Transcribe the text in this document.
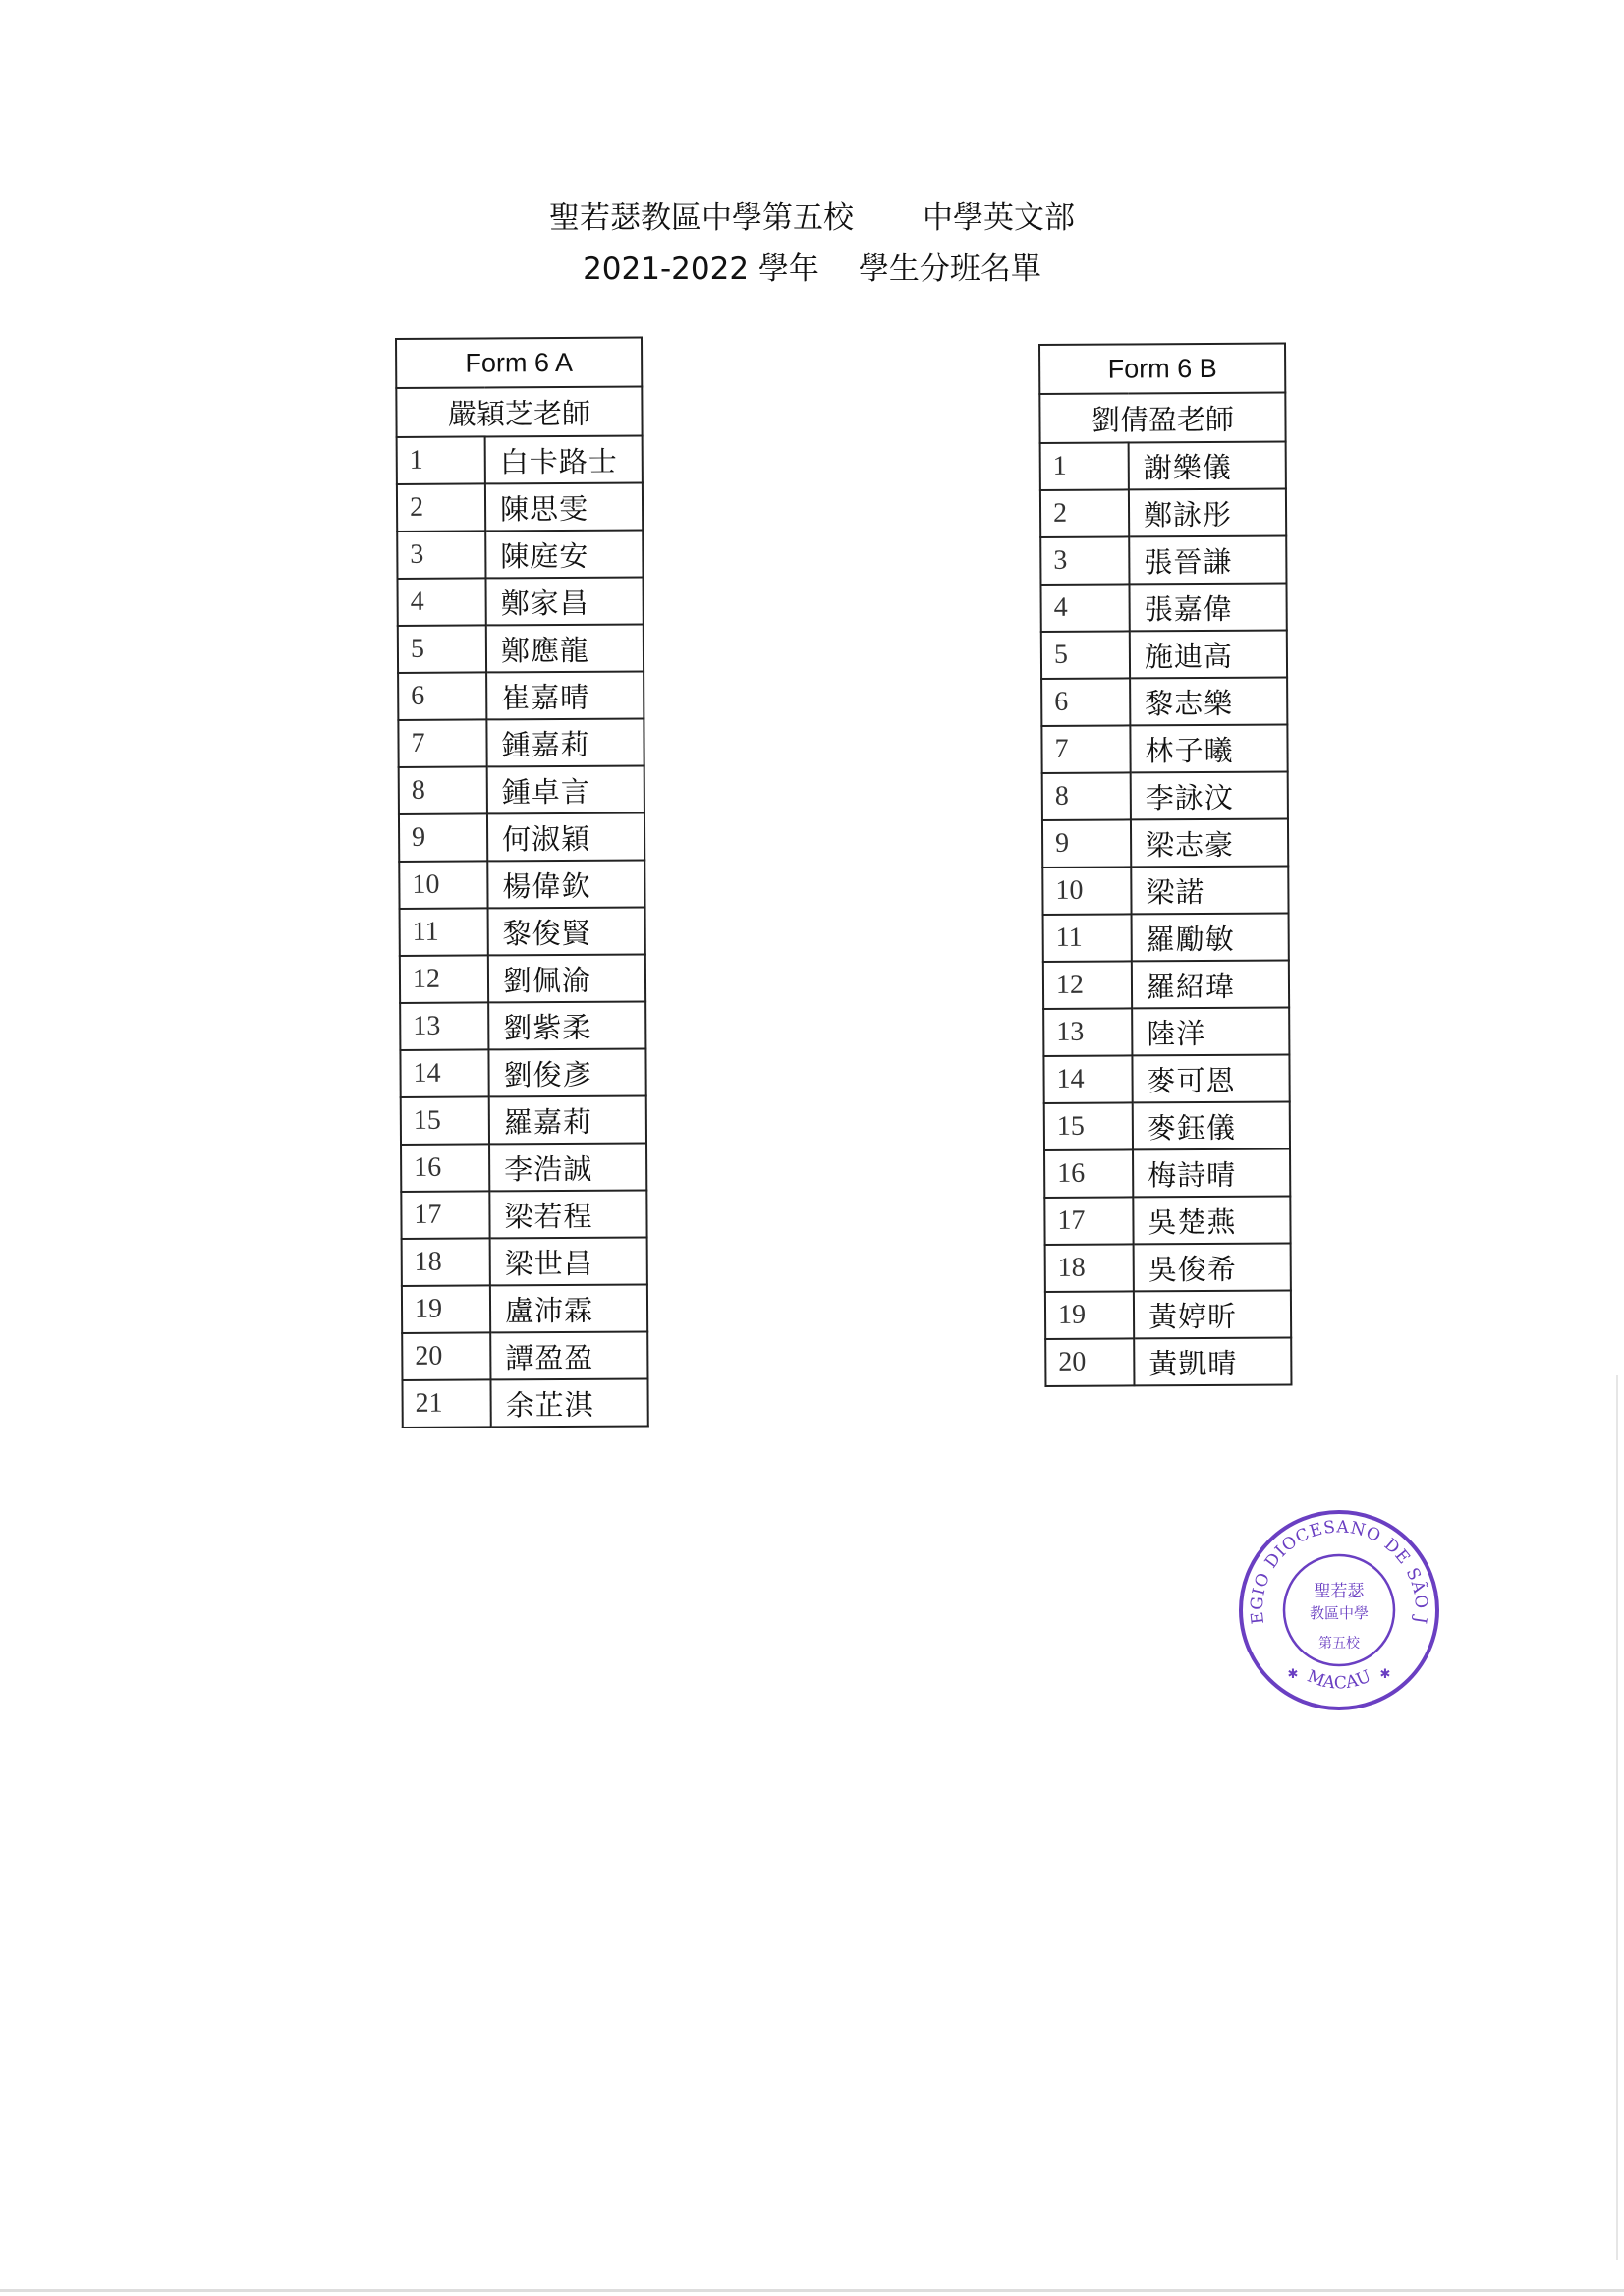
聖若瑟教區中學第五校 中學英文部
2021-2022 學年 學生分班名單
Form 6 A	
嚴穎芝老師	
1	白卡路士
2	陳思雯
3	陳庭安
4	鄭家昌
5	鄭應龍
6	崔嘉晴
7	鍾嘉莉
8	鍾卓言
9	何淑穎
10	楊偉欽
11	黎俊賢
12	劉佩渝
13	劉紫柔
14	劉俊彥
15	羅嘉莉
16	李浩誠
17	梁若程
18	梁世昌
19	盧沛霖
20	譚盈盈
21	余芷淇
Form 6 B	
劉倩盈老師	
1	謝樂儀
2	鄭詠彤
3	張晉謙
4	張嘉偉
5	施迪高
6	黎志樂
7	林子曦
8	李詠汶
9	梁志豪
10	梁諾
11	羅勵敏
12	羅紹瑋
13	陸洋
14	麥可恩
15	麥鈺儀
16	梅詩晴
17	吳楚燕
18	吳俊希
19	黃婷昕
20	黃凱晴
EGIO DIOCESANO DE SÃO J
MACAU
聖若瑟
教區中學
第五校
✱	✱
